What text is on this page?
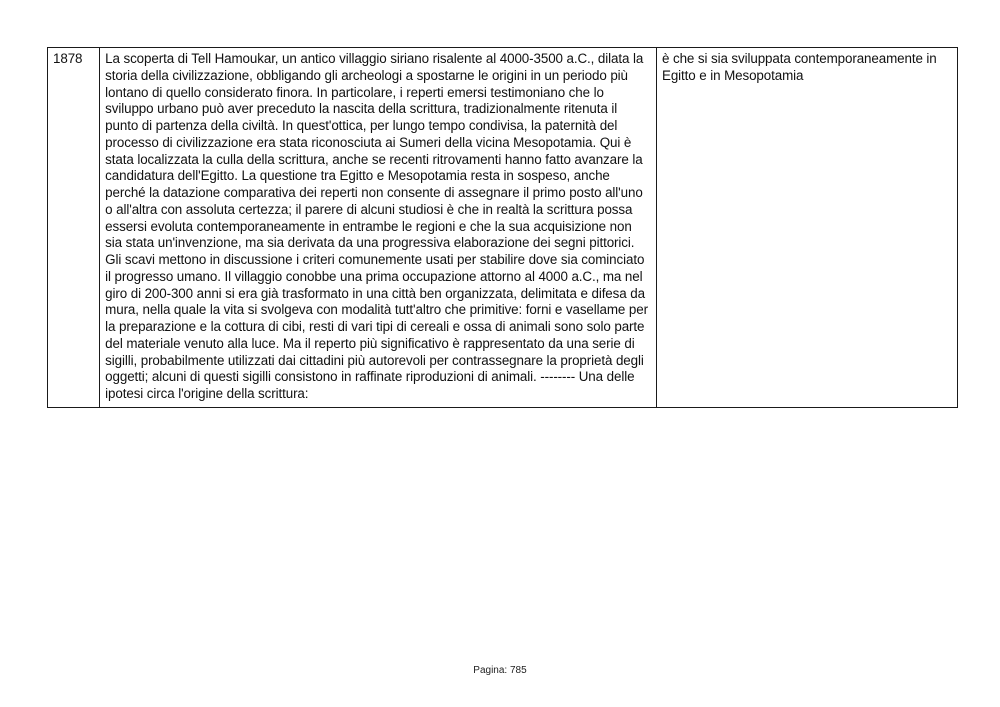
1878	La scoperta di Tell Hamoukar, un antico villaggio siriano risalente al 4000-3500 a.C., dilata la storia della civilizzazione, obbligando gli archeologi a spostarne le origini in un periodo più lontano di quello considerato finora. In particolare, i reperti emersi testimoniano che lo sviluppo urbano può aver preceduto la nascita della scrittura, tradizionalmente ritenuta il punto di partenza della civiltà. In quest'ottica, per lungo tempo condivisa, la paternità del processo di civilizzazione era stata riconosciuta ai Sumeri della vicina Mesopotamia. Qui è stata localizzata la culla della scrittura, anche se recenti ritrovamenti hanno fatto avanzare la candidatura dell'Egitto. La questione tra Egitto e Mesopotamia resta in sospeso, anche perché la datazione comparativa dei reperti non consente di assegnare il primo posto all'uno o all'altra con assoluta certezza; il parere di alcuni studiosi è che in realtà la scrittura possa essersi evoluta contemporaneamente in entrambe le regioni e che la sua acquisizione non sia stata un'invenzione, ma sia derivata da una progressiva elaborazione dei segni pittorici. Gli scavi mettono in discussione i criteri comunemente usati per stabilire dove sia cominciato il progresso umano. Il villaggio conobbe una prima occupazione attorno al 4000 a.C., ma nel giro di 200-300 anni si era già trasformato in una città ben organizzata, delimitata e difesa da mura, nella quale la vita si svolgeva con modalità tutt'altro che primitive: forni e vasellame per la preparazione e la cottura di cibi, resti di vari tipi di cereali e ossa di animali sono solo parte del materiale venuto alla luce. Ma il reperto più significativo è rappresentato da una serie di sigilli, probabilmente utilizzati dai cittadini più autorevoli per contrassegnare la proprietà degli oggetti; alcuni di questi sigilli consistono in raffinate riproduzioni di animali. -------- Una delle ipotesi circa l'origine della scrittura:	è che si sia sviluppata contemporaneamente in Egitto e in Mesopotamia
Pagina: 785
